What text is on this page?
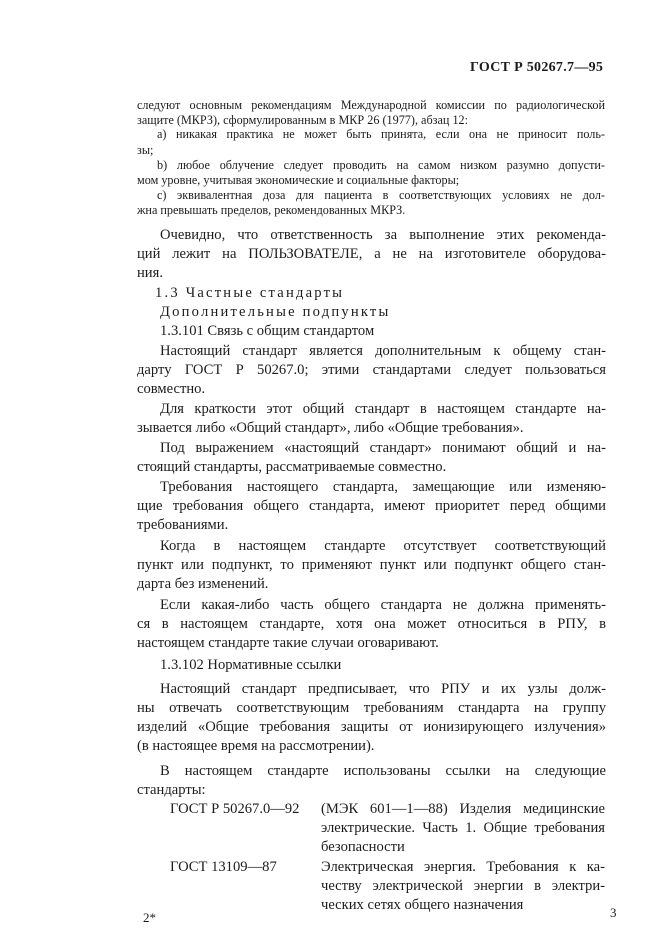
ГОСТ Р 50267.7—95
следуют основным рекомендациям Международной комиссии по радиологической
защите (МКРЗ), сформулированным в МКР 26 (1977), абзац 12:
а) никакая практика не может быть принята, если она не приносит поль-
зы;
b) любое облучение следует проводить на самом низком разумно допусти-
мом уровне, учитывая экономические и социальные факторы;
с) эквивалентная доза для пациента в соответствующих условиях не дол-
жна превышать пределов, рекомендованных МКРЗ.
Очевидно, что ответственность за выполнение этих рекоменда-
ций лежит на ПОЛЬЗОВАТЕЛЕ, а не на изготовителе оборудова-
ния.
1.3 Частные стандарты
Дополнительные подпункты
1.3.101 Связь с общим стандартом
Настоящий стандарт является дополнительным к общему стан-
дарту ГОСТ Р 50267.0; этими стандартами следует пользоваться
совместно.
Для краткости этот общий стандарт в настоящем стандарте на-
зывается либо «Общий стандарт», либо «Общие требования».
Под выражением «настоящий стандарт» понимают общий и на-
стоящий стандарты, рассматриваемые совместно.
Требования настоящего стандарта, замещающие или изменяю-
щие требования общего стандарта, имеют приоритет перед общими
требованиями.
Когда в настоящем стандарте отсутствует соответствующий
пункт или подпункт, то применяют пункт или подпункт общего стан-
дарта без изменений.
Если какая-либо часть общего стандарта не должна применять-
ся в настоящем стандарте, хотя она может относиться в РПУ, в
настоящем стандарте такие случаи оговаривают.
1.3.102 Нормативные ссылки
Настоящий стандарт предписывает, что РПУ и их узлы долж-
ны отвечать соответствующим требованиям стандарта на группу
изделий «Общие требования защиты от ионизирующего излучения»
(в настоящее время на рассмотрении).
В настоящем стандарте использованы ссылки на следующие
стандарты:
ГОСТ Р 50267.0—92 (МЭК 601—1—88) Изделия медицинские
электрические. Часть 1. Общие требования
безопасности
ГОСТ 13109—87	Электрическая энергия. Требования к ка-
честву электрической энергии в электри-
ческих сетях общего назначения
2*	3
